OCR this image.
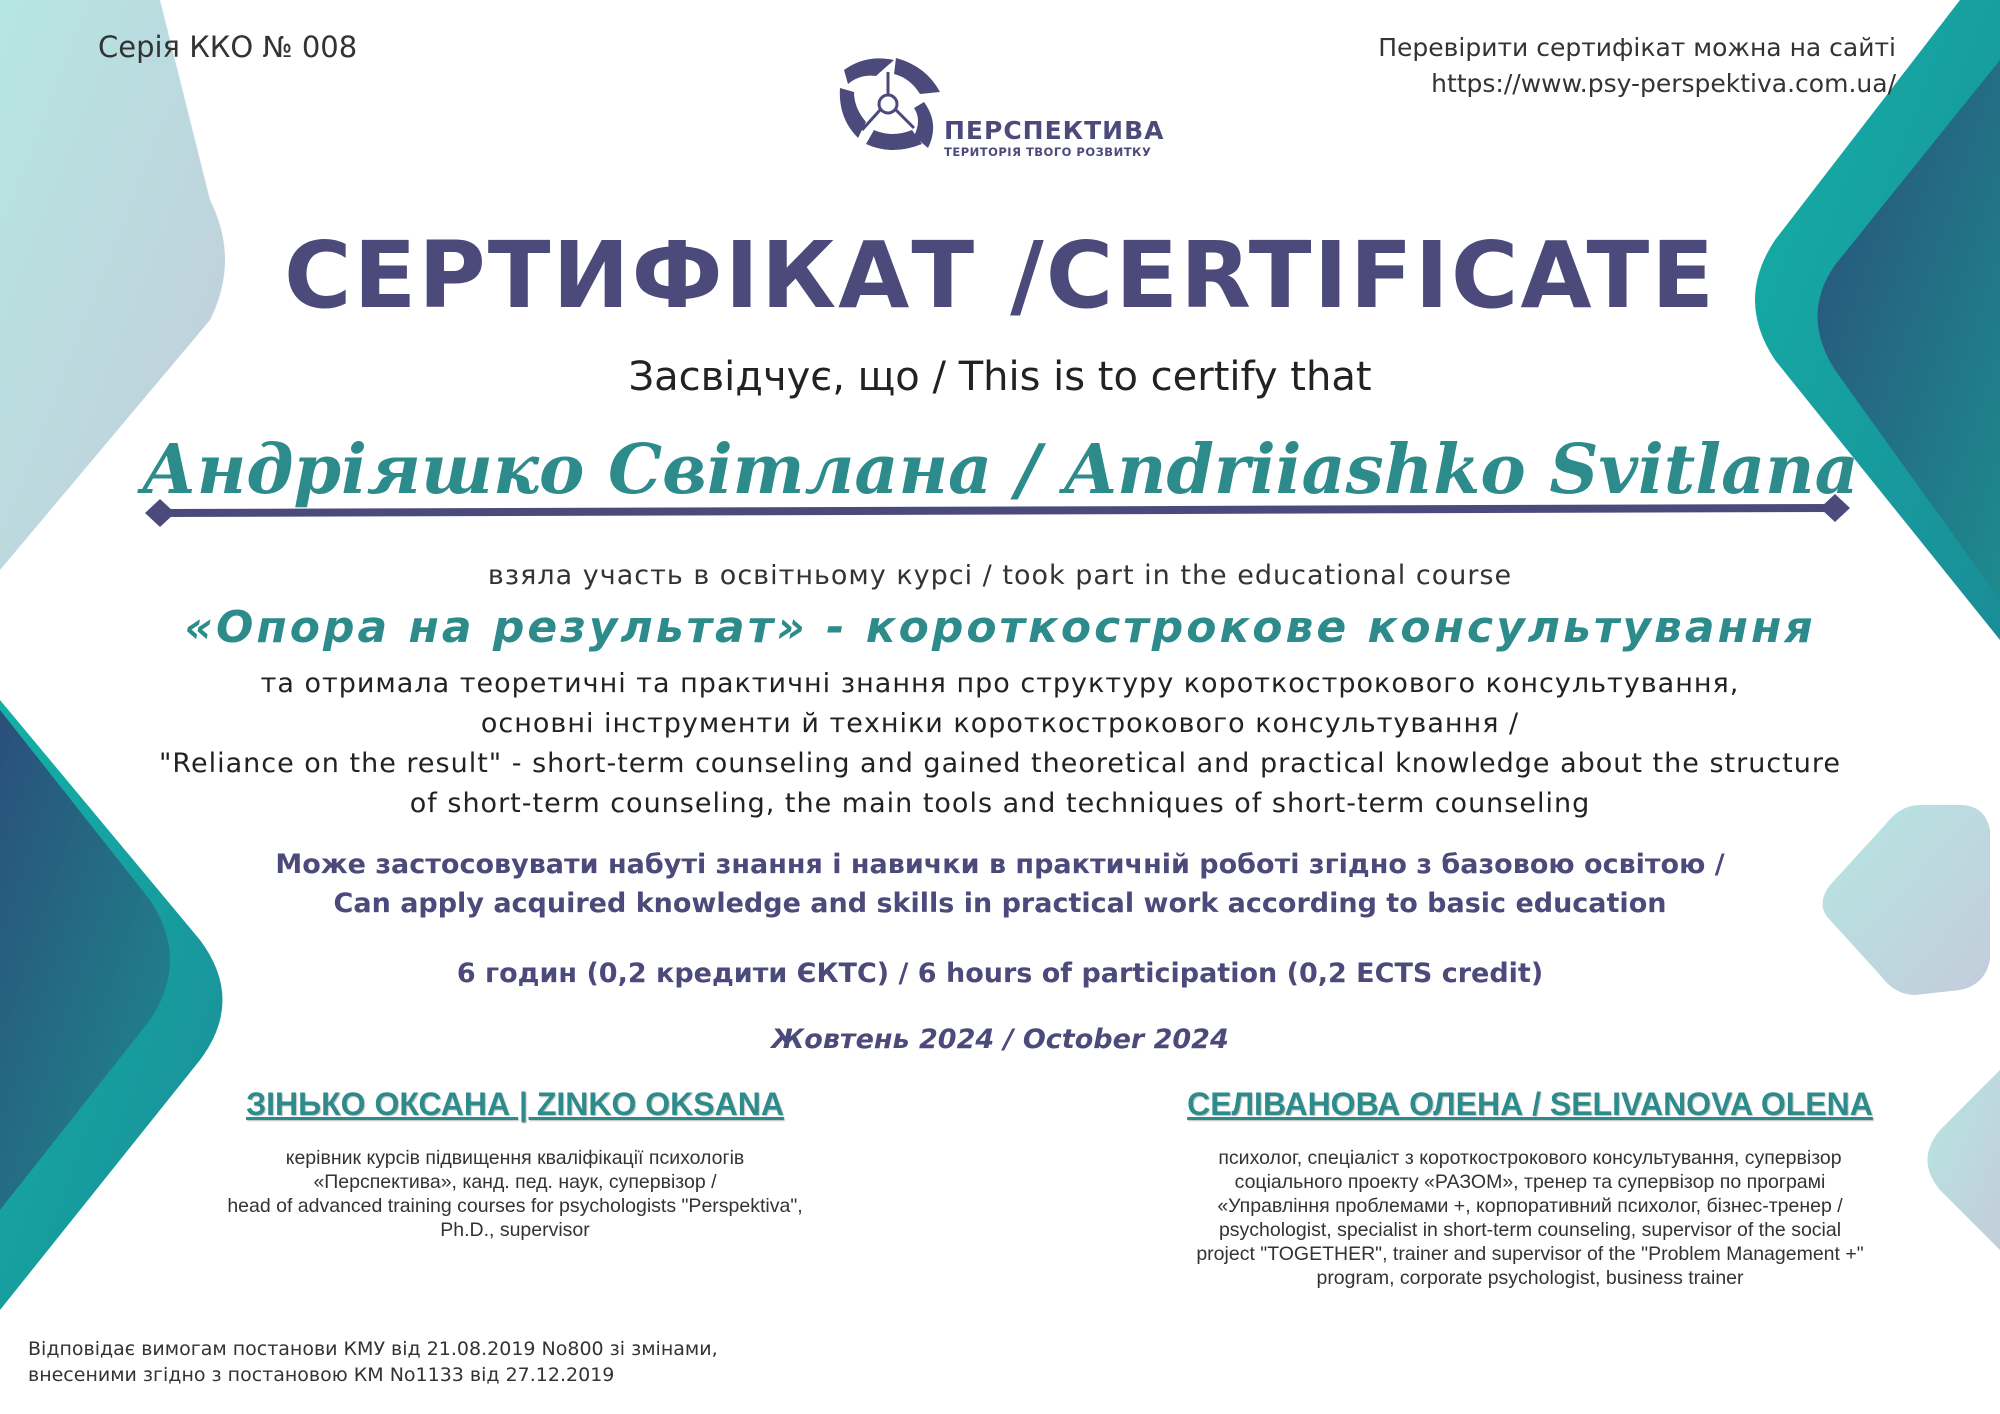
Серія ККО № 008	Перевірити сертифікат можна на сайті
https://www.psy-perspektiva.com.ua/
ПЕРСПЕКТИВА
ТЕРИТОРІЯ ТВОГО РОЗВИТКУ
СЕРТИФІКАТ /CERTIFICATE
Засвідчує, що / This is to certify that
Андріяшко Світлана / Andriiashko Svitlana
взяла участь в освітньому курсі / took part in the educational course
«Опора на результат» - короткострокове консультування
та отримала теоретичні та практичні знання про структуру короткострокового консультування,
основні інструменти й техніки короткострокового консультування /
"Reliance on the result" - short-term counseling and gained theoretical and practical knowledge about the structure
of short-term counseling, the main tools and techniques of short-term counseling
Може застосовувати набуті знання і навички в практичній роботі згідно з базовою освітою /
Can apply acquired knowledge and skills in practical work according to basic education
6 годин (0,2 кредити ЄКТС) / 6 hours of participation (0,2 ECTS credit)
Жовтень 2024 / October 2024
ЗІНЬКО ОКСАНА | ZINKO OKSANA
керівник курсів підвищення кваліфікації психологів
«Перспектива», канд. пед. наук, супервізор /
head of advanced training courses for psychologists "Perspektiva",
Ph.D., supervisor
СЕЛІВАНОВА ОЛЕНА / SELIVANOVA OLENA
психолог, спеціаліст з короткострокового консультування, супервізор
соціального проекту «РАЗОМ», тренер та супервізор по програмі
«Управління проблемами +, корпоративний психолог, бізнес-тренер /
psychologist, specialist in short-term counseling, supervisor of the social
project "TOGETHER", trainer and supervisor of the "Problem Management +"
program, corporate psychologist, business trainer
Відповідає вимогам постанови КМУ від 21.08.2019 No800 зі змінами,
внесеними згідно з постановою КМ No1133 від 27.12.2019
